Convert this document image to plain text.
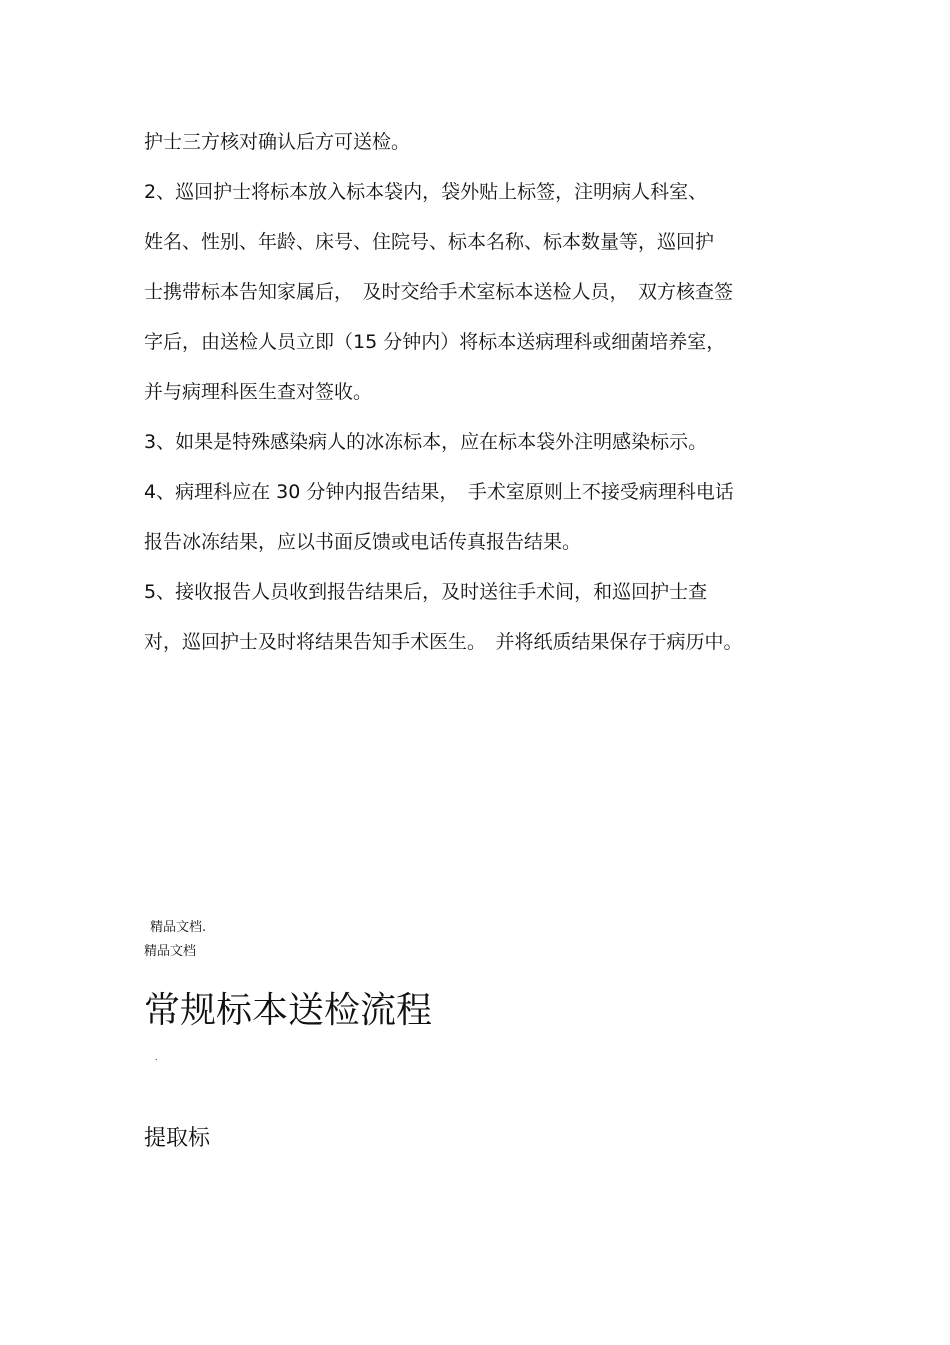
护士三方核对确认后方可送检。
2、巡回护士将标本放入标本袋内，袋外贴上标签，注明病人科室、
姓名、性别、年龄、床号、住院号、标本名称、标本数量等，巡回护
士携带标本告知家属后，　及时交给手术室标本送检人员，　双方核查签
字后，由送检人员立即（15 分钟内）将标本送病理科或细菌培养室，
并与病理科医生查对签收。
3、如果是特殊感染病人的冰冻标本，应在标本袋外注明感染标示。
4、病理科应在 30 分钟内报告结果，　手术室原则上不接受病理科电话
报告冰冻结果，应以书面反馈或电话传真报告结果。
5、接收报告人员收到报告结果后，及时送往手术间，和巡回护士查
对，巡回护士及时将结果告知手术医生。　并将纸质结果保存于病历中。
精品文档.
精品文档
常规标本送检流程
.
提取标
